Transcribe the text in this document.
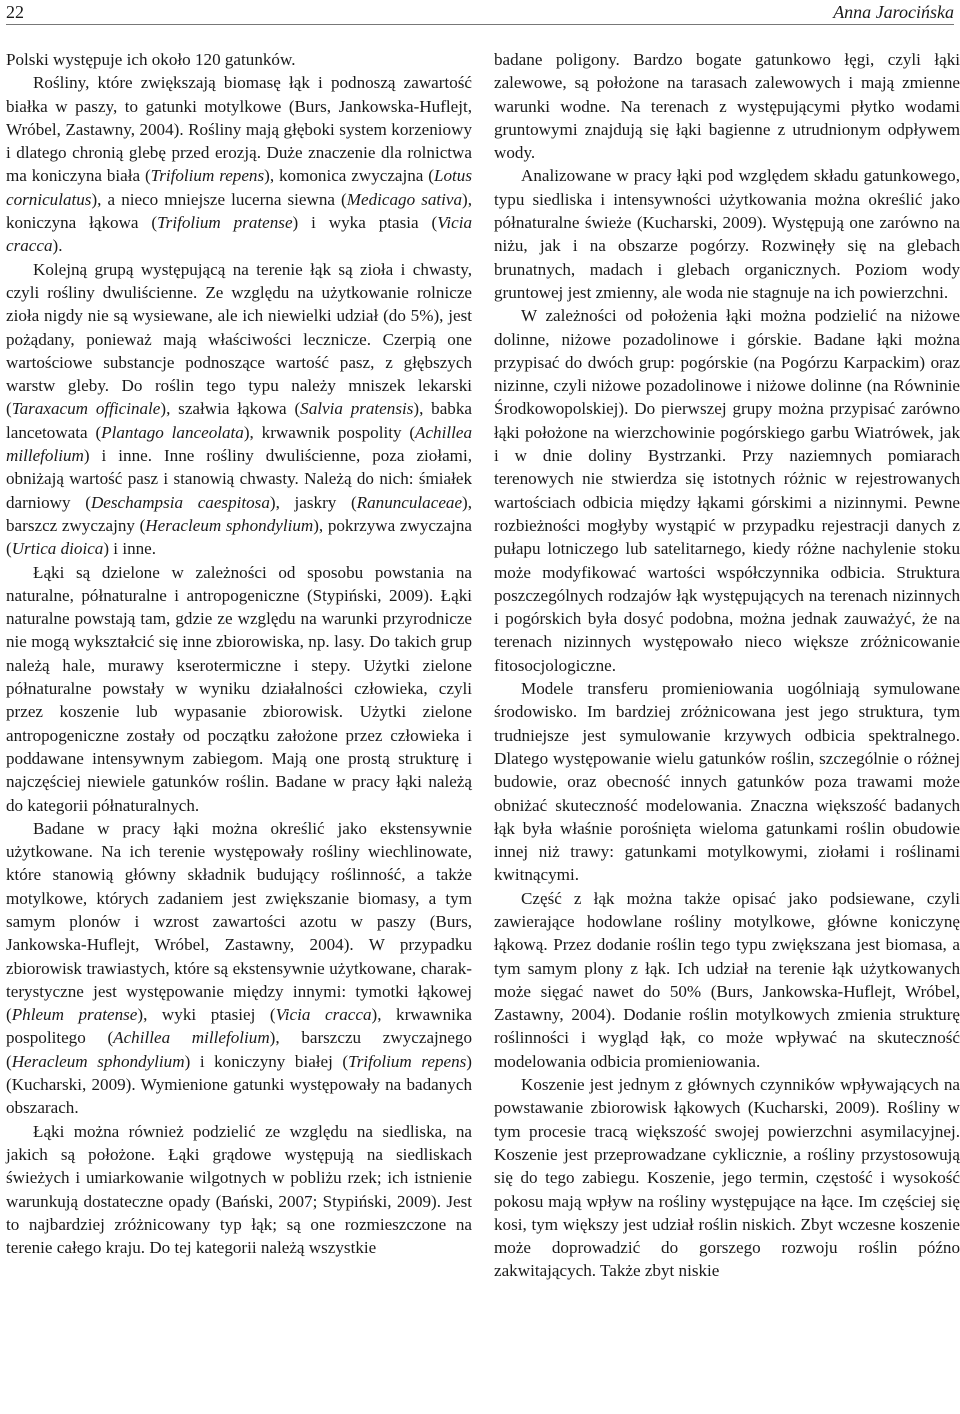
22	Anna Jarocińska

Polski występuje ich około 120 gatunków.

Rośliny, które zwiększają biomasę łąk i podnoszą zawartość białka w paszy, to gatunki motylkowe (Burs, Jankowska-Huflejt, Wróbel, Zastawny, 2004). Rośliny mają głęboki system korzeniowy i dlatego chronią glebę przed erozją. Duże znaczenie dla rolnictwa ma koniczyna biała (Trifolium repens), komonica zwyczajna (Lotus corniculatus), a nieco mniejsze lucerna siewna (Medicago sativa), koniczyna łąkowa (Trifolium pratense) i wyka ptasia (Vicia cracca).

Kolejną grupą występującą na terenie łąk są zioła i chwasty, czyli rośliny dwuliścienne. Ze względu na użytkowanie rolnicze zioła nigdy nie są wysiewane, ale ich niewielki udział (do 5%), jest pożądany, ponieważ mają właściwości lecznicze. Czerpią one wartościowe substancje podnoszące wartość pasz, z głębszych warstw gleby. Do roślin tego typu należy mniszek lekarski (Taraxacum officinale), szałwia łąkowa (Salvia pratensis), babka lancetowata (Plantago lanceolata), krwawnik pospolity (Achillea millefolium) i inne. Inne rośliny dwuliścienne, poza ziołami, obniżają wartość pasz i stanowią chwasty. Należą do nich: śmiałek darniowy (Deschampsia caespitosa), jaskry (Ranunculaceae), barszcz zwyczajny (Heracleum sphondylium), pokrzywa zwyczajna (Urtica dioica) i inne.

Łąki są dzielone w zależności od sposobu powstania na naturalne, półnaturalne i antropogeniczne (Stypiński, 2009). Łąki naturalne powstają tam, gdzie ze względu na warunki przyrodnicze nie mogą wykształcić się inne zbiorowiska, np. lasy. Do takich grup należą hale, murawy kserotermiczne i stepy. Użytki zielone półnaturalne powstały w wyniku działalności człowieka, czyli przez koszenie lub wypasanie zbiorowisk. Użytki zielone antropogeniczne zostały od początku założone przez człowieka i poddawane intensywnym zabiegom. Mają one prostą strukturę i najczęściej niewiele gatunków roślin. Badane w pracy łąki należą do kategorii półnaturalnych.

Badane w pracy łąki można określić jako ekstensywnie użytkowane. Na ich terenie występowały rośliny wiechlinowate, które stanowią główny składnik budujący roślinność, a także motylkowe, których zadaniem jest zwiększanie biomasy, a tym samym plonów i wzrost zawartości azotu w paszy (Burs, Jankowska-Huflejt, Wróbel, Zastawny, 2004). W przypadku zbiorowisk trawiastych, które są ekstensywnie użytkowane, charakterystyczne jest występowanie między innymi: tymotki łąkowej (Phleum pratense), wyki ptasiej (Vicia cracca), krwawnika pospolitego (Achillea millefolium), barszczu zwyczajnego (Heracleum sphondylium) i koniczyny białej (Trifolium repens) (Kucharski, 2009). Wymienione gatunki występowały na badanych obszarach.

Łąki można również podzielić ze względu na siedliska, na jakich są położone. Łąki grądowe występują na siedliskach świeżych i umiarkowanie wilgotnych w pobliżu rzek; ich istnienie warunkują dostateczne opady (Bański, 2007; Stypiński, 2009). Jest to najbardziej zróżnicowany typ łąk; są one rozmieszczone na terenie całego kraju. Do tej kategorii należą wszystkie

badane poligony. Bardzo bogate gatunkowo łęgi, czyli łąki zalewowe, są położone na tarasach zalewowych i mają zmienne warunki wodne. Na terenach z występującymi płytko wodami gruntowymi znajdują się łąki bagienne z utrudnionym odpływem wody.

Analizowane w pracy łąki pod względem składu gatunkowego, typu siedliska i intensywności użytkowania można określić jako półnaturalne świeże (Kucharski, 2009). Występują one zarówno na niżu, jak i na obszarze pogórzy. Rozwinęły się na glebach brunatnych, madach i glebach organicznych. Poziom wody gruntowej jest zmienny, ale woda nie stagnuje na ich powierzchni.

W zależności od położenia łąki można podzielić na niżowe dolinne, niżowe pozadolinowe i górskie. Badane łąki można przypisać do dwóch grup: pogórskie (na Pogórzu Karpackim) oraz nizinne, czyli niżowe pozadolinowe i niżowe dolinne (na Równinie Środkowopolskiej). Do pierwszej grupy można przypisać zarówno łąki położone na wierzchowinie pogórskiego garbu Wiatrówek, jak i w dnie doliny Bystrzanki. Przy naziemnych pomiarach terenowych nie stwierdza się istotnych różnic w rejestrowanych wartościach odbicia między łąkami górskimi a nizinnymi. Pewne rozbieżności mogłyby wystąpić w przypadku rejestracji danych z pułapu lotniczego lub satelitarnego, kiedy różne nachylenie stoku może modyfikować wartości współczynnika odbicia. Struktura poszczególnych rodzajów łąk występujących na terenach nizinnych i pogórskich była dosyć podobna, można jednak zauważyć, że na terenach nizinnych występowało nieco większe zróżnicowanie fitosocjologiczne.

Modele transferu promieniowania uogólniają symulowane środowisko. Im bardziej zróżnicowana jest jego struktura, tym trudniejsze jest symulowanie krzywych odbicia spektralnego. Dlatego występowanie wielu gatunków roślin, szczególnie o różnej budowie, oraz obecność innych gatunków poza trawami może obniżać skuteczność modelowania. Znaczna większość badanych łąk była właśnie porośnięta wieloma gatunkami roślin obudowie innej niż trawy: gatunkami motylkowymi, ziołami i roślinami kwitnącymi.

Część z łąk można także opisać jako podsiewane, czyli zawierające hodowlane rośliny motylkowe, główne koniczynę łąkową. Przez dodanie roślin tego typu zwiększana jest biomasa, a tym samym plony z łąk. Ich udział na terenie łąk użytkowanych może sięgać nawet do 50% (Burs, Jankowska-Huflejt, Wróbel, Zastawny, 2004). Dodanie roślin motylkowych zmienia strukturę roślinności i wygląd łąk, co może wpływać na skuteczność modelowania odbicia promieniowania.

Koszenie jest jednym z głównych czynników wpływających na powstawanie zbiorowisk łąkowych (Kucharski, 2009). Rośliny w tym procesie tracą większość swojej powierzchni asymilacyjnej. Koszenie jest przeprowadzane cyklicznie, a rośliny przystosowują się do tego zabiegu. Koszenie, jego termin, częstość i wysokość pokosu mają wpływ na rośliny występujące na łące. Im częściej się kosi, tym większy jest udział roślin niskich. Zbyt wczesne koszenie może doprowadzić do gorszego rozwoju roślin późno zakwitających. Także zbyt niskie
